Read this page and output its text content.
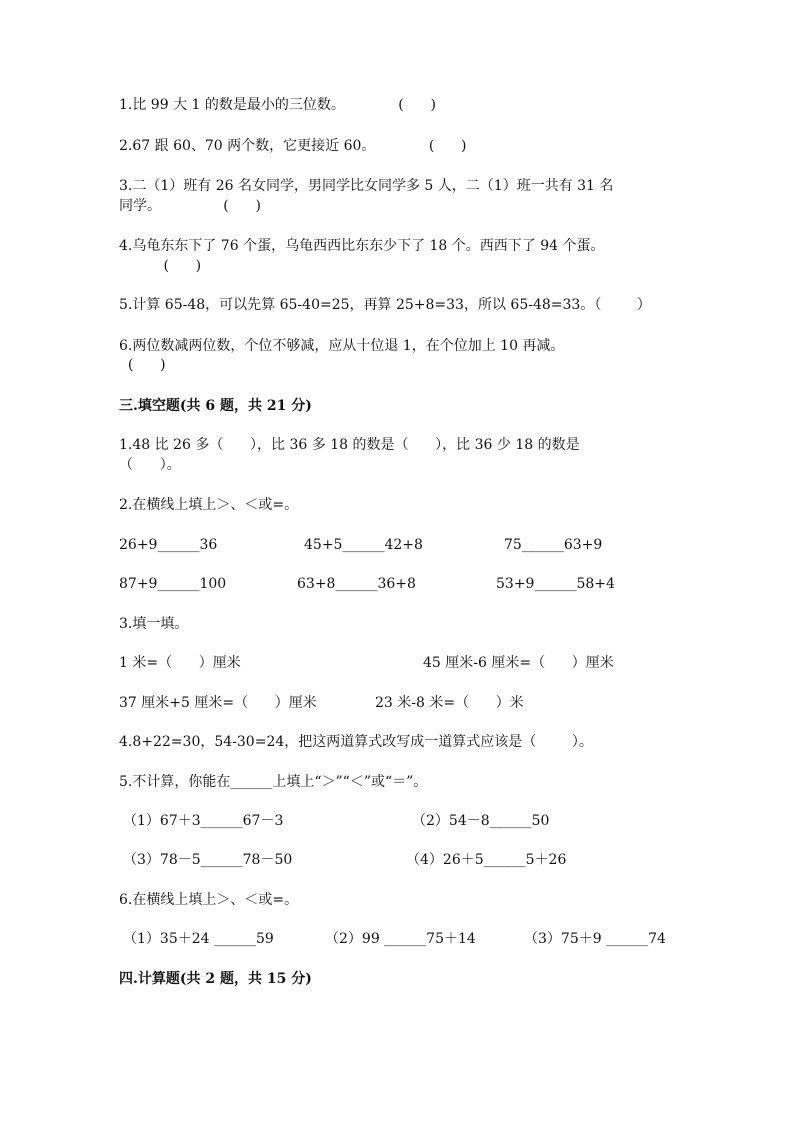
1.比 99 大 1 的数是最小的三位数。            (      )
2.67 跟 60、70 两个数，它更接近 60。            (      )
3.二（1）班有 26 名女同学，男同学比女同学多 5 人，二（1）班一共有 31 名
同学。              (      )
4.乌龟东东下了 76 个蛋，乌龟西西比东东少下了 18 个。西西下了 94 个蛋。
(      )
5.计算 65-48，可以先算 65-40=25，再算 25+8=33，所以 65-48=33。（        ）
6.两位数减两位数，个位不够减，应从十位退 1，在个位加上 10 再减。
(      )
三.填空题(共 6 题，共 21 分)
1.48 比 26 多（      ），比 36 多 18 的数是（      ），比 36 少 18 的数是
（      ）。
2.在横线上填上＞、＜或=。
26+9______36	45+5______42+8	75______63+9
87+9______100	63+8______36+8	53+9______58+4
3.填一填。
1 米=（      ）厘米	45 厘米-6 厘米=（      ）厘米
37 厘米+5 厘米=（      ）厘米	23 米-8 米=（      ）米
4.8+22=30，54-30=24，把这两道算式改写成一道算式应该是（        ）。
5.不计算，你能在______上填上“＞”“＜”或“＝”。
（1）67＋3______67－3	（2）54－8______50
（3）78－5______78－50	（4）26＋5______5＋26
6.在横线上填上＞、＜或=。
（1）35＋24 ______59	（2）99 ______75＋14	（3）75＋9 ______74
四.计算题(共 2 题，共 15 分)
